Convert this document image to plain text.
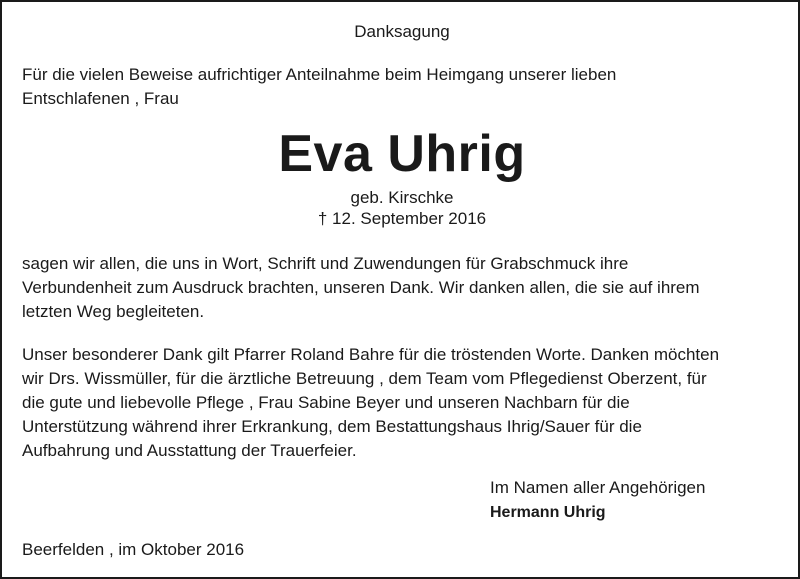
Danksagung

Für die vielen Beweise aufrichtiger Anteilnahme beim Heimgang unserer lieben
Entschlafenen , Frau

Eva Uhrig

geb. Kirschke

† 12. September 2016

sagen wir allen, die uns in Wort, Schrift und Zuwendungen für Grabschmuck ihre
Verbundenheit zum Ausdruck brachten, unseren Dank. Wir danken allen, die sie auf ihrem
letzten Weg begleiteten.

Unser besonderer Dank gilt Pfarrer Roland Bahre für die tröstenden Worte. Danken möchten
wir Drs. Wissmüller, für die ärztliche Betreuung , dem Team vom Pflegedienst Oberzent, für
die gute und liebevolle Pflege , Frau Sabine Beyer und unseren Nachbarn für die
Unterstützung während ihrer Erkrankung, dem Bestattungshaus Ihrig/Sauer für die
Aufbahrung und Ausstattung der Trauerfeier.

Im Namen aller Angehörigen

Hermann Uhrig

Beerfelden , im Oktober 2016
